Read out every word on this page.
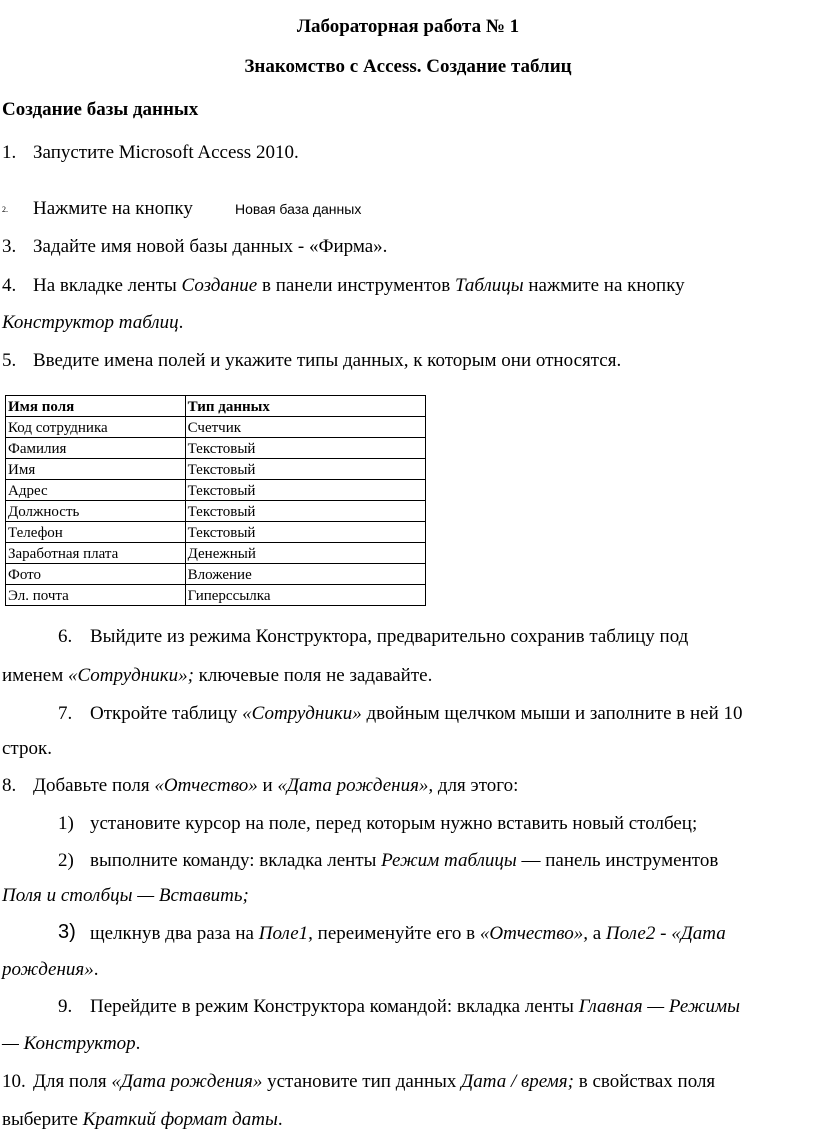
Лабораторная работа № 1
Знакомство с Access. Создание таблиц
Создание базы данных
1. Запустите Microsoft Access 2010.
2. Нажмите на кнопку	Новая база данных
3. Задайте имя новой базы данных - «Фирма».
4. На вкладке ленты Создание в панели инструментов Таблицы нажмите на кнопку
Конструктор таблиц.
5. Введите имена полей и укажите типы данных, к которым они относятся.
Имя поля	Тип данных
Код сотрудника	Счетчик
Фамилия	Текстовый
Имя	Текстовый
Адрес	Текстовый
Должность	Текстовый
Телефон	Текстовый
Заработная плата	Денежный
Фото	Вложение
Эл. почта	Гиперссылка
6. Выйдите из режима Конструктора, предварительно сохранив таблицу под
именем «Сотрудники»; ключевые поля не задавайте.
7. Откройте таблицу «Сотрудники» двойным щелчком мыши и заполните в ней 10
строк.
8. Добавьте поля «Отчество» и «Дата рождения», для этого:
1) установите курсор на поле, перед которым нужно вставить новый столбец;
2) выполните команду: вкладка ленты Режим таблицы — панель инструментов
Поля и столбцы — Вставить;
3) щелкнув два раза на Поле1, переименуйте его в «Отчество», а Поле2 - «Дата
рождения».
9. Перейдите в режим Конструктора командой: вкладка ленты Главная — Режимы
— Конструктор.
10. Для поля «Дата рождения» установите тип данных Дата / время; в свойствах поля
выберите Краткий формат даты.
